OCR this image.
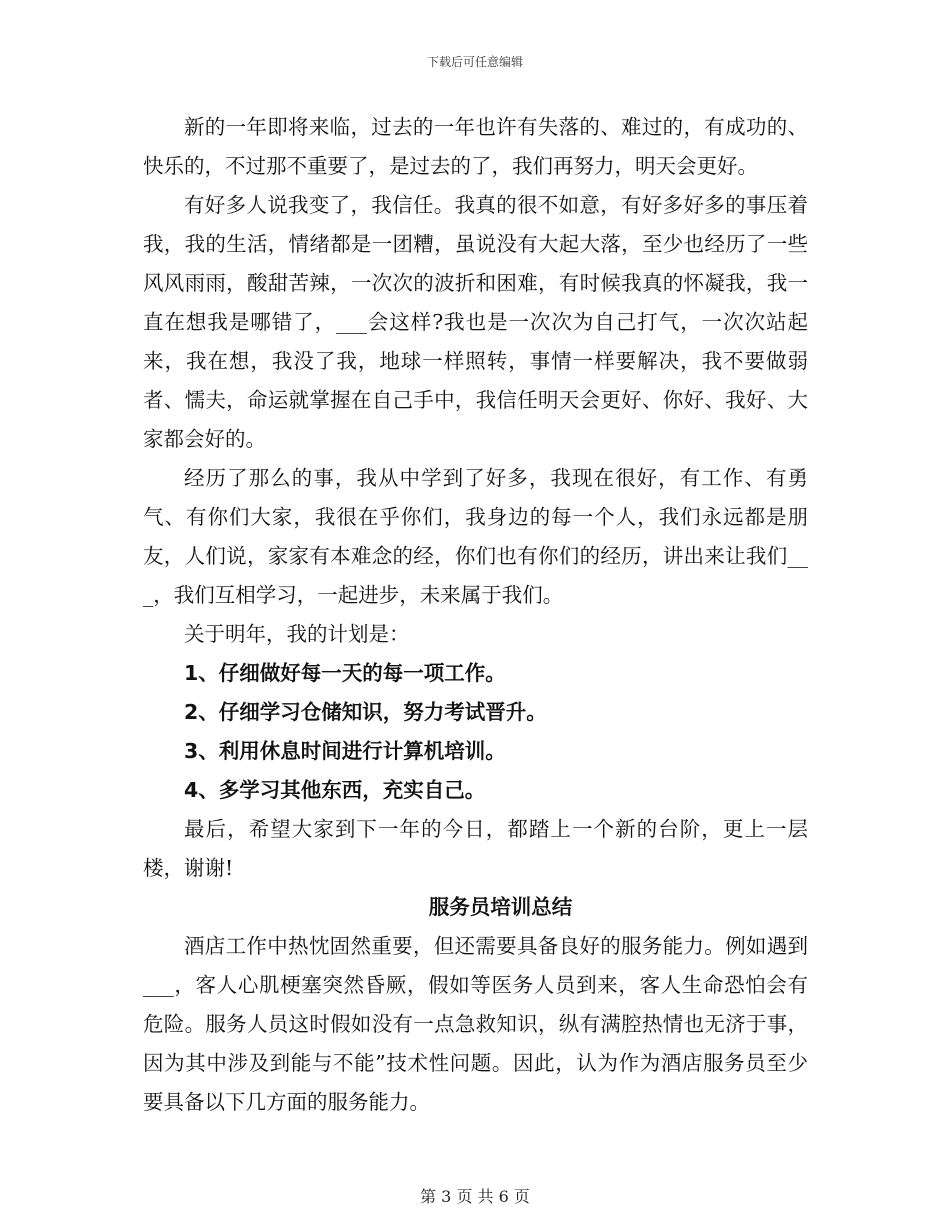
下载后可任意编辑

新的一年即将来临，过去的一年也许有失落的、难过的，有成功的、快乐的，不过那不重要了，是过去的了，我们再努力，明天会更好。

有好多人说我变了，我信任。我真的很不如意，有好多好多的事压着我，我的生活，情绪都是一团糟，虽说没有大起大落，至少也经历了一些风风雨雨，酸甜苦辣，一次次的波折和困难，有时候我真的怀凝我，我一直在想我是哪错了，___会这样?我也是一次次为自己打气，一次次站起来，我在想，我没了我，地球一样照转，事情一样要解决，我不要做弱者、懦夫，命运就掌握在自己手中，我信任明天会更好、你好、我好、大家都会好的。

经历了那么的事，我从中学到了好多，我现在很好，有工作、有勇气、有你们大家，我很在乎你们，我身边的每一个人，我们永远都是朋友，人们说，家家有本难念的经，你们也有你们的经历，讲出来让我们___，我们互相学习，一起进步，未来属于我们。

关于明年，我的计划是：

1、仔细做好每一天的每一项工作。

2、仔细学习仓储知识，努力考试晋升。

3、利用休息时间进行计算机培训。

4、多学习其他东西，充实自己。

最后，希望大家到下一年的今日，都踏上一个新的台阶，更上一层楼，谢谢!

服务员培训总结

酒店工作中热忱固然重要，但还需要具备良好的服务能力。例如遇到___，客人心肌梗塞突然昏厥，假如等医务人员到来，客人生命恐怕会有危险。服务人员这时假如没有一点急救知识，纵有满腔热情也无济于事，因为其中涉及到能与不能”技术性问题。因此，认为作为酒店服务员至少要具备以下几方面的服务能力。

第 3 页 共 6 页
